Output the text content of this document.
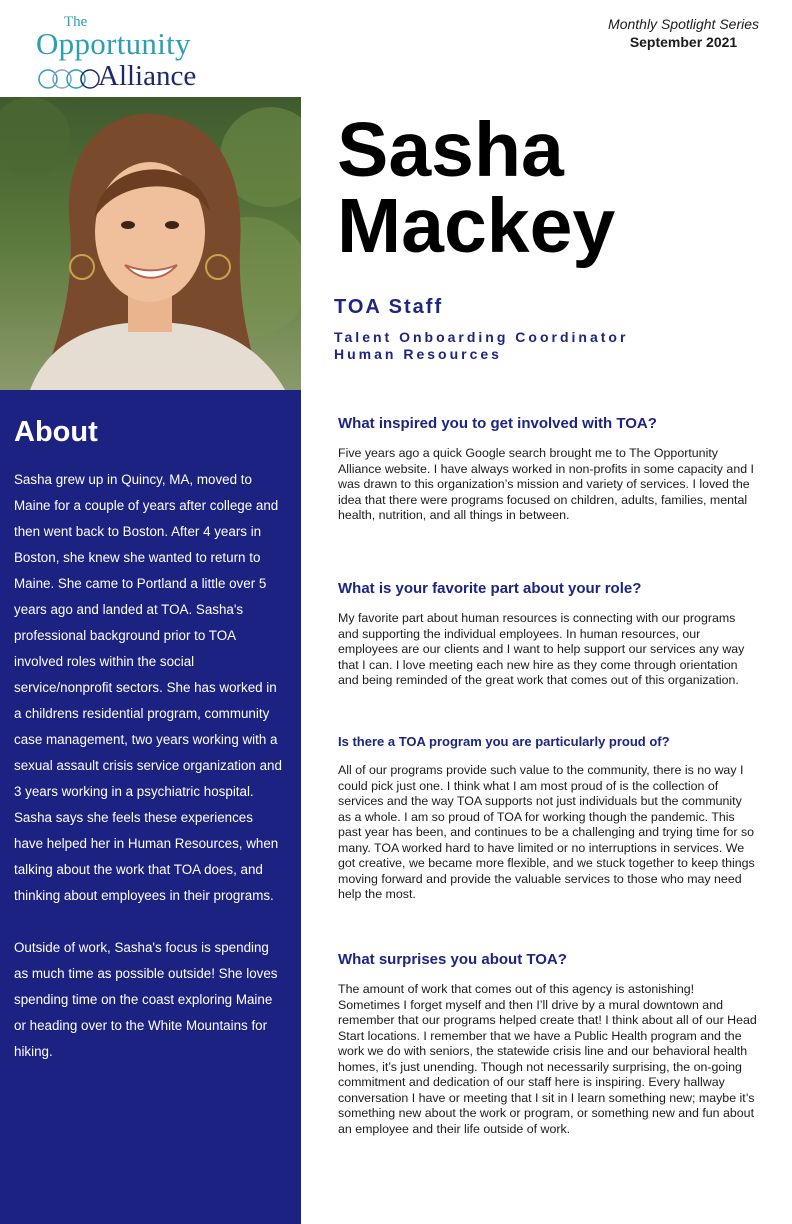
The
Opportunity
Alliance
Monthly Spotlight Series
September 2021
Sasha
Mackey
TOA Staff
Talent Onboarding Coordinator
Human Resources
About

Sasha grew up in Quincy, MA, moved to Maine for a couple of years after college and then went back to Boston. After 4 years in Boston, she knew she wanted to return to Maine. She came to Portland a little over 5 years ago and landed at TOA. Sasha's professional background prior to TOA involved roles within the social service/nonprofit sectors. She has worked in a childrens residential program, community case management, two years working with a sexual assault crisis service organization and 3 years working in a psychiatric hospital. Sasha says she feels these experiences have helped her in Human Resources, when talking about the work that TOA does, and thinking about employees in their programs.

Outside of work, Sasha's focus is spending as much time as possible outside! She loves spending time on the coast exploring Maine or heading over to the White Mountains for hiking.

What inspired you to get involved with TOA?

Five years ago a quick Google search brought me to The Opportunity Alliance website. I have always worked in non-profits in some capacity and I was drawn to this organization’s mission and variety of services. I loved the idea that there were programs focused on children, adults, families, mental health, nutrition, and all things in between.

What is your favorite part about your role?

My favorite part about human resources is connecting with our programs and supporting the individual employees. In human resources, our employees are our clients and I want to help support our services any way that I can. I love meeting each new hire as they come through orientation and being reminded of the great work that comes out of this organization.

Is there a TOA program you are particularly proud of?

All of our programs provide such value to the community, there is no way I could pick just one. I think what I am most proud of is the collection of services and the way TOA supports not just individuals but the community as a whole. I am so proud of TOA for working though the pandemic. This past year has been, and continues to be a challenging and trying time for so many. TOA worked hard to have limited or no interruptions in services. We got creative, we became more flexible, and we stuck together to keep things moving forward and provide the valuable services to those who may need help the most.

What surprises you about TOA?

The amount of work that comes out of this agency is astonishing! Sometimes I forget myself and then I’ll drive by a mural downtown and remember that our programs helped create that! I think about all of our Head Start locations. I remember that we have a Public Health program and the work we do with seniors, the statewide crisis line and our behavioral health homes, it’s just unending. Though not necessarily surprising, the on-going commitment and dedication of our staff here is inspiring. Every hallway conversation I have or meeting that I sit in I learn something new; maybe it’s something new about the work or program, or something new and fun about an employee and their life outside of work.
